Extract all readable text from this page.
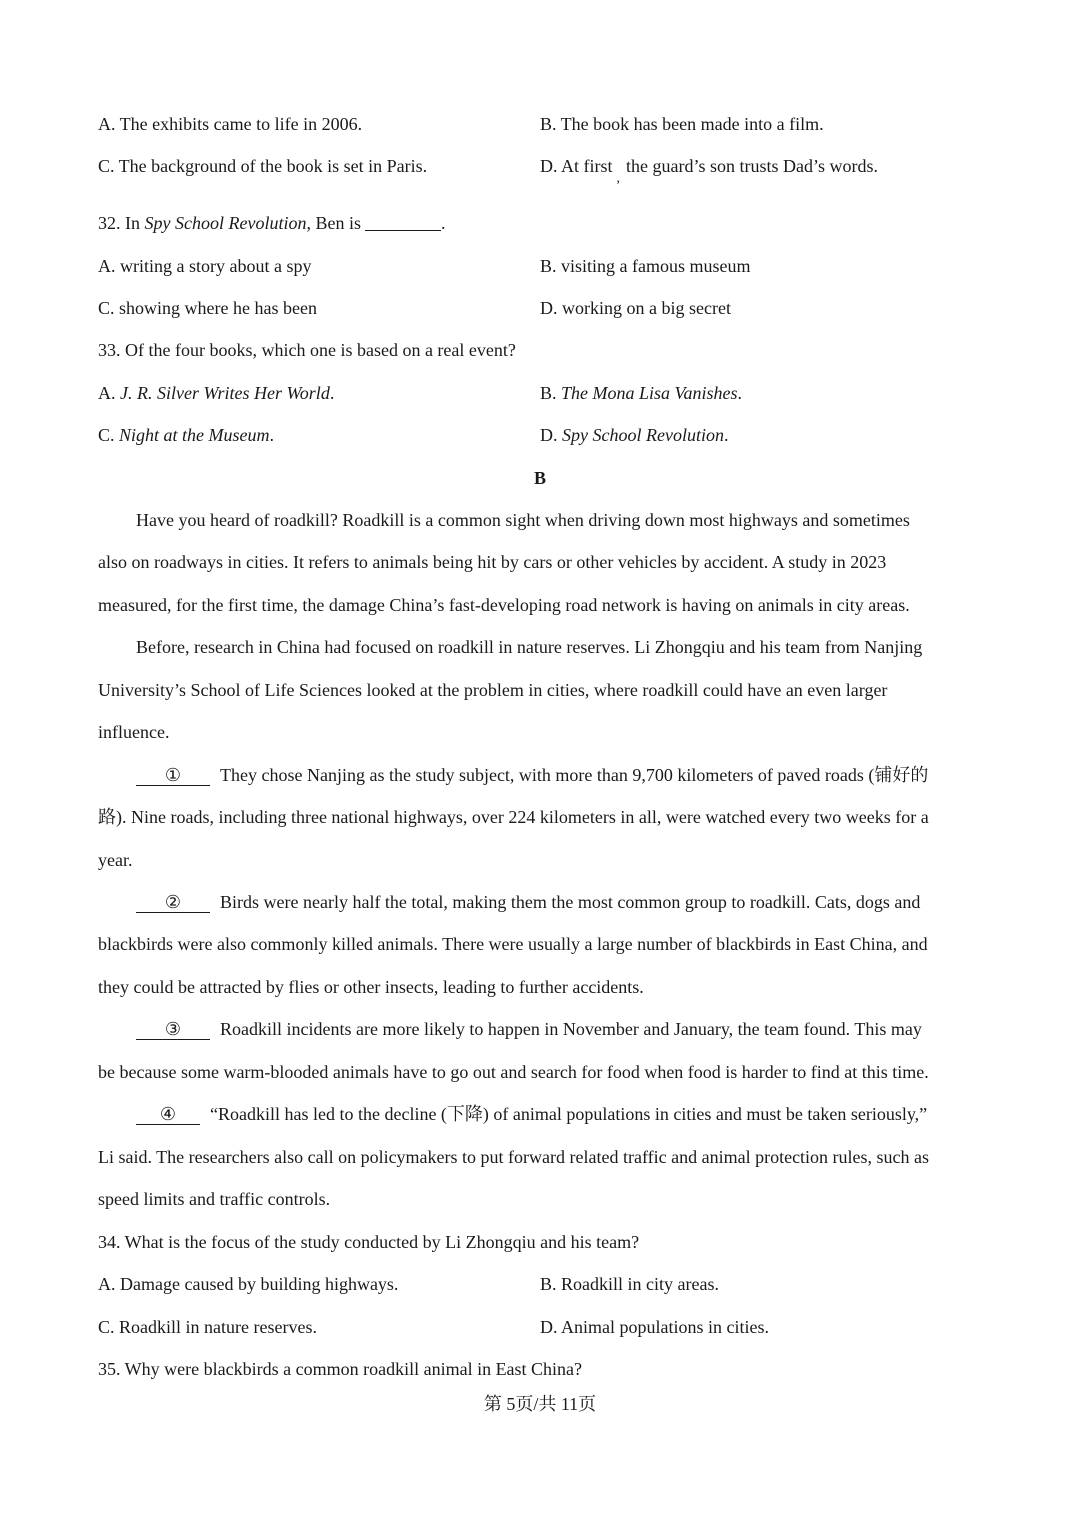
A. The exhibits came to life in 2006.	B. The book has been made into a film.
C. The background of the book is set in Paris.	D. At first$_,$the guard’s son trusts Dad’s words.
32. In Spy School Revolution, Ben is	.
A. writing a story about a spy	B. visiting a famous museum
C. showing where he has been	D. working on a big secret
33. Of the four books, which one is based on a real event?
A. J. R. Silver Writes Her World.	B. The Mona Lisa Vanishes.
C. Night at the Museum.	D. Spy School Revolution.
B
Have you heard of roadkill? Roadkill is a common sight when driving down most highways and sometimes
also on roadways in cities. It refers to animals being hit by cars or other vehicles by accident. A study in 2023
measured, for the first time, the damage China’s fast-developing road network is having on animals in city areas.
Before, research in China had focused on roadkill in nature reserves. Li Zhongqiu and his team from Nanjing
University’s School of Life Sciences looked at the problem in cities, where roadkill could have an even larger
influence.
① They chose Nanjing as the study subject, with more than 9,700 kilometers of paved roads (铺好的
路). Nine roads, including three national highways, over 224 kilometers in all, were watched every two weeks for a
year.
② Birds were nearly half the total, making them the most common group to roadkill. Cats, dogs and
blackbirds were also commonly killed animals. There were usually a large number of blackbirds in East China, and
they could be attracted by flies or other insects, leading to further accidents.
③ Roadkill incidents are more likely to happen in November and January, the team found. This may
be because some warm-blooded animals have to go out and search for food when food is harder to find at this time.
④ “Roadkill has led to the decline (下降) of animal populations in cities and must be taken seriously,”
Li said. The researchers also call on policymakers to put forward related traffic and animal protection rules, such as
speed limits and traffic controls.
34. What is the focus of the study conducted by Li Zhongqiu and his team?
A. Damage caused by building highways.	B. Roadkill in city areas.
C. Roadkill in nature reserves.	D. Animal populations in cities.
35. Why were blackbirds a common roadkill animal in East China?
第 5页/共 11页
